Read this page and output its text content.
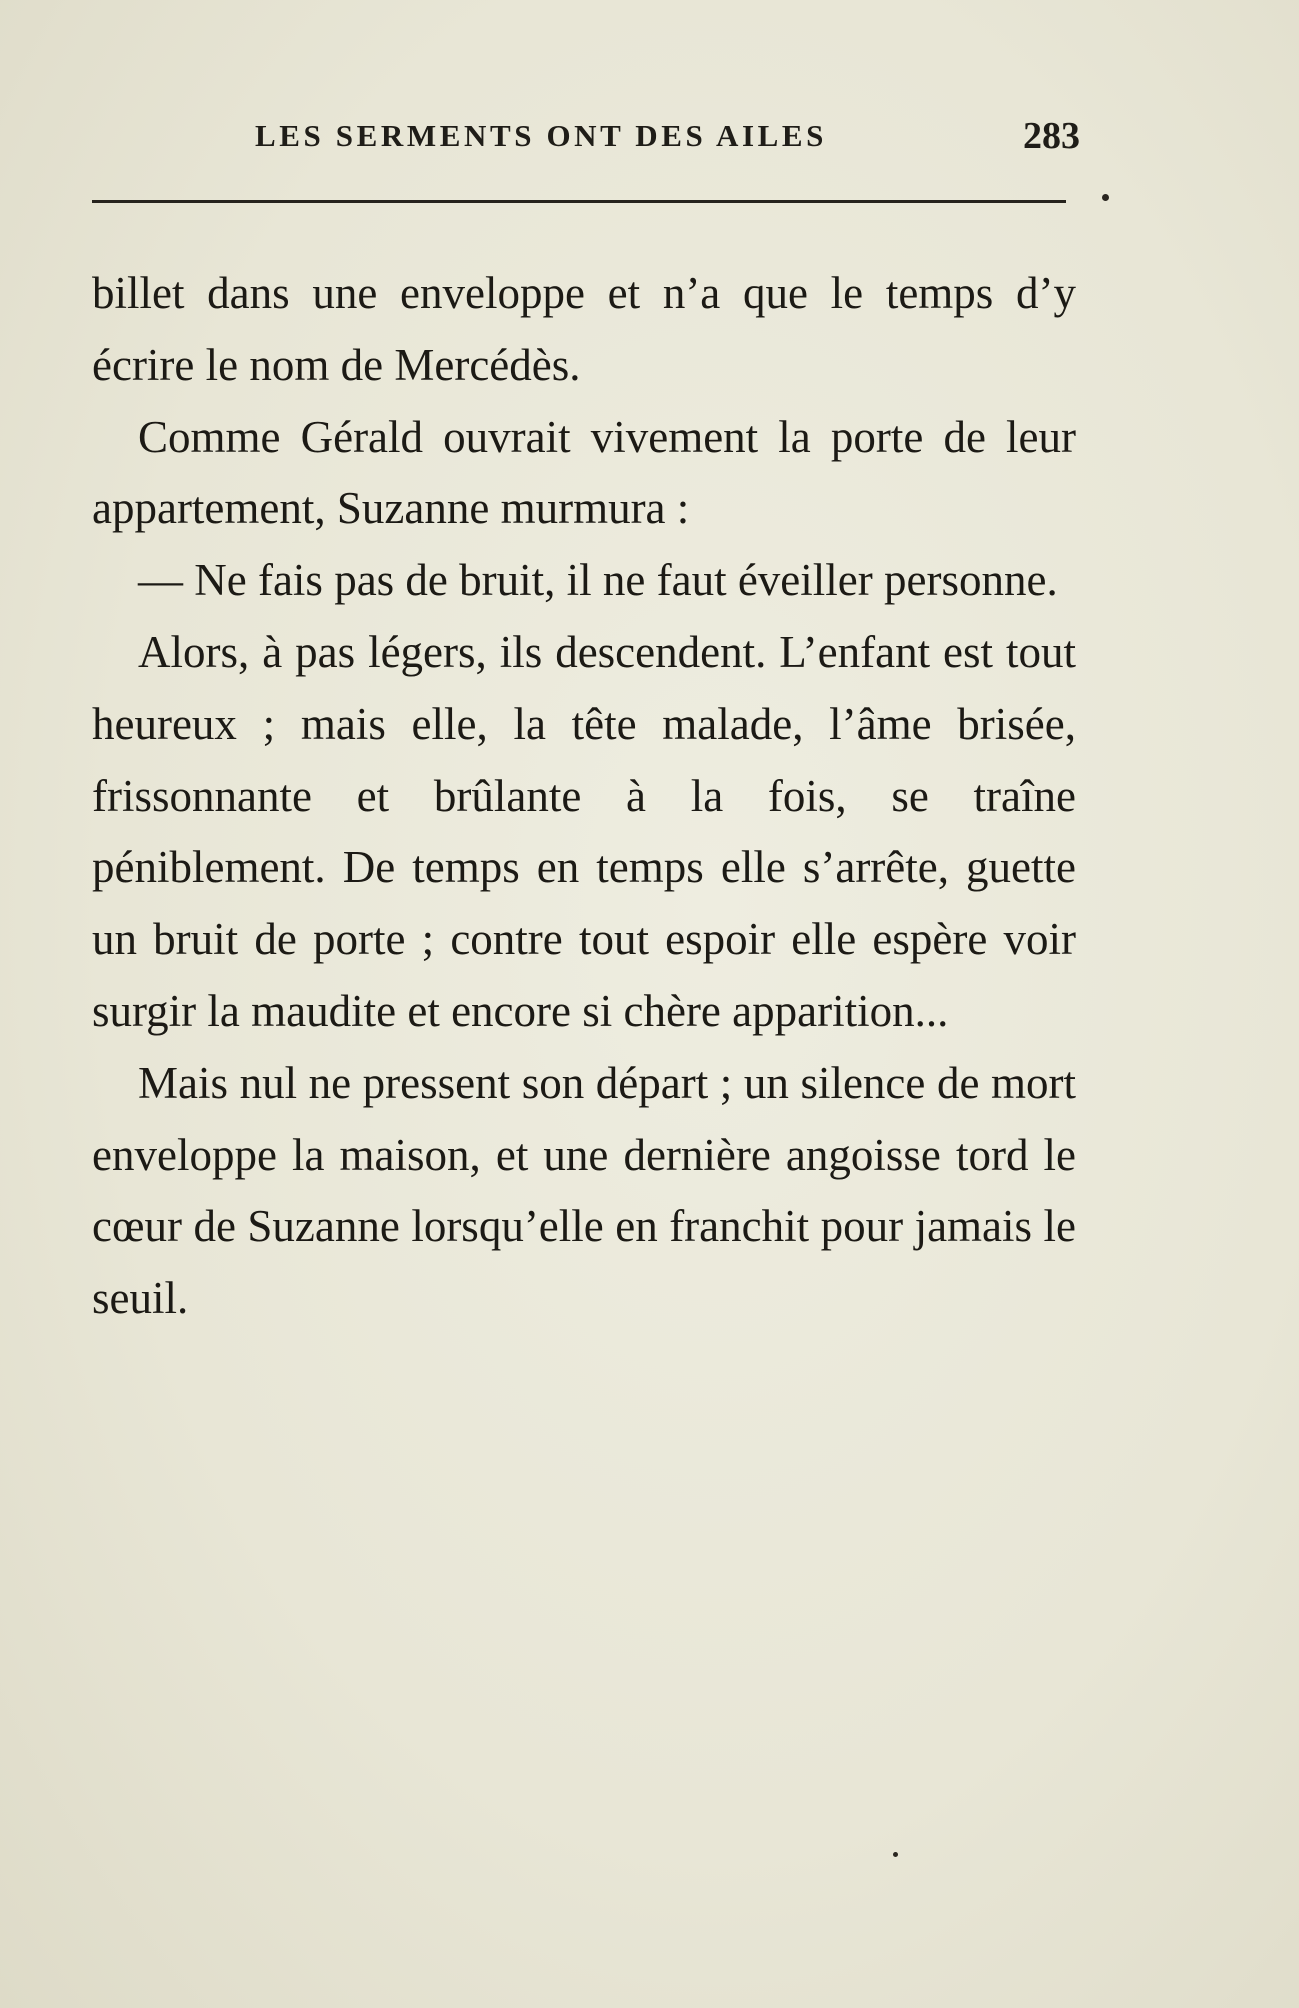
LES SERMENTS ONT DES AILES	283

billet dans une enveloppe et n’a que le temps d’y écrire le nom de Mercédès.

Comme Gérald ouvrait vivement la porte de leur appartement, Suzanne murmura :

— Ne fais pas de bruit, il ne faut éveiller personne.

Alors, à pas légers, ils descendent. L’enfant est tout heureux ; mais elle, la tête malade, l’âme brisée, frissonnante et brûlante à la fois, se traîne péniblement. De temps en temps elle s’arrête, guette un bruit de porte ; contre tout espoir elle espère voir surgir la maudite et encore si chère apparition...

Mais nul ne pressent son départ ; un silence de mort enveloppe la maison, et une dernière angoisse tord le cœur de Suzanne lorsqu’elle en franchit pour jamais le seuil.
